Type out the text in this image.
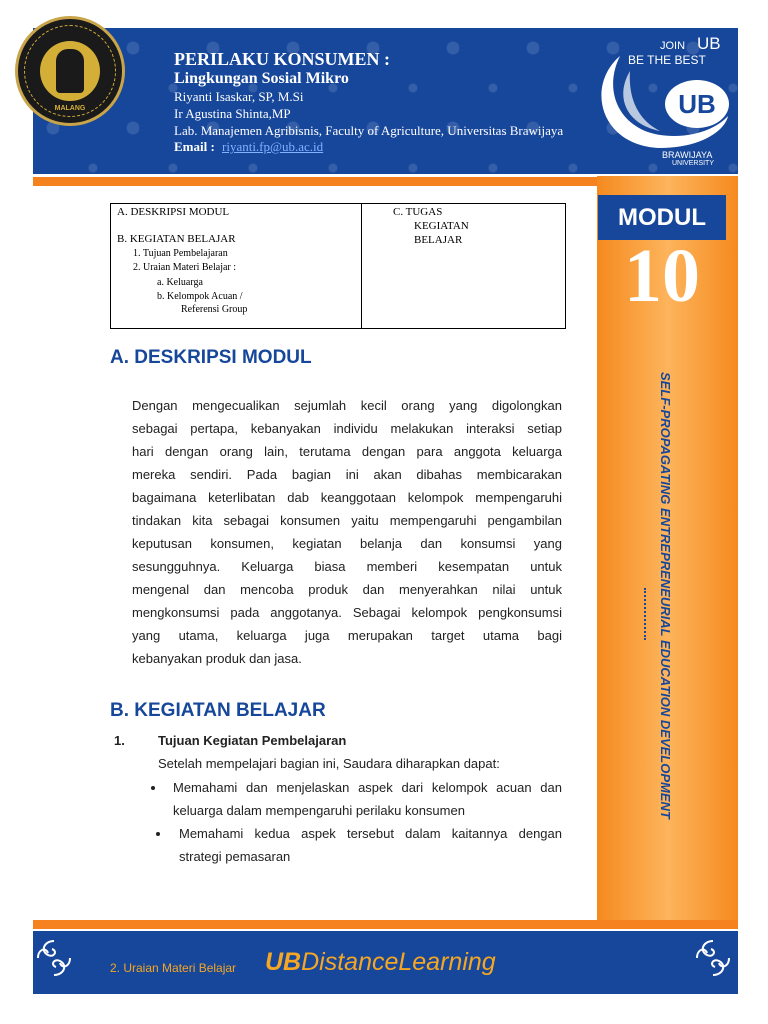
MALANG
PERILAKU KONSUMEN :
Lingkungan Sosial Mikro
Riyanti Isaskar, SP, M.Si
Ir Agustina Shinta,MP
Lab. Manajemen Agribisnis, Faculty of Agriculture, Universitas Brawijaya
Email : riyanti.fp@ub.ac.id
JOIN UB
BE THE BEST
UB
BRAWIJAYA
UNIVERSITY
MODUL
10
SELF-PROPAGATING ENTREPRENEURIAL EDUCATION DEVELOPMENT
A. DESKRIPSI MODUL
B. KEGIATAN BELAJAR
1. Tujuan Pembelajaran
2. Uraian Materi Belajar :
a. Keluarga
b. Kelompok Acuan /
Referensi Group
C. TUGAS
KEGIATAN
BELAJAR
A. DESKRIPSI MODUL
Dengan mengecualikan sejumlah kecil orang yang digolongkan
sebagai pertapa, kebanyakan individu melakukan interaksi setiap
hari dengan orang lain, terutama dengan para anggota keluarga
mereka sendiri. Pada bagian ini akan dibahas membicarakan
bagaimana keterlibatan dab keanggotaan kelompok mempengaruhi
tindakan kita sebagai konsumen yaitu mempengaruhi pengambilan
keputusan konsumen, kegiatan belanja dan konsumsi yang
sesungguhnya. Keluarga biasa memberi kesempatan untuk
mengenal dan mencoba produk dan menyerahkan nilai untuk
mengkonsumsi pada anggotanya. Sebagai kelompok pengkonsumsi
yang utama, keluarga juga merupakan target utama bagi
kebanyakan produk dan jasa.
B. KEGIATAN BELAJAR
1.	Tujuan Kegiatan Pembelajaran
Setelah mempelajari bagian ini, Saudara diharapkan dapat:
Memahami dan menjelaskan aspek dari kelompok acuan dan
keluarga dalam mempengaruhi perilaku konsumen
Memahami kedua aspek tersebut dalam kaitannya dengan
strategi pemasaran
2. Uraian Materi Belajar UBDistanceLearning
